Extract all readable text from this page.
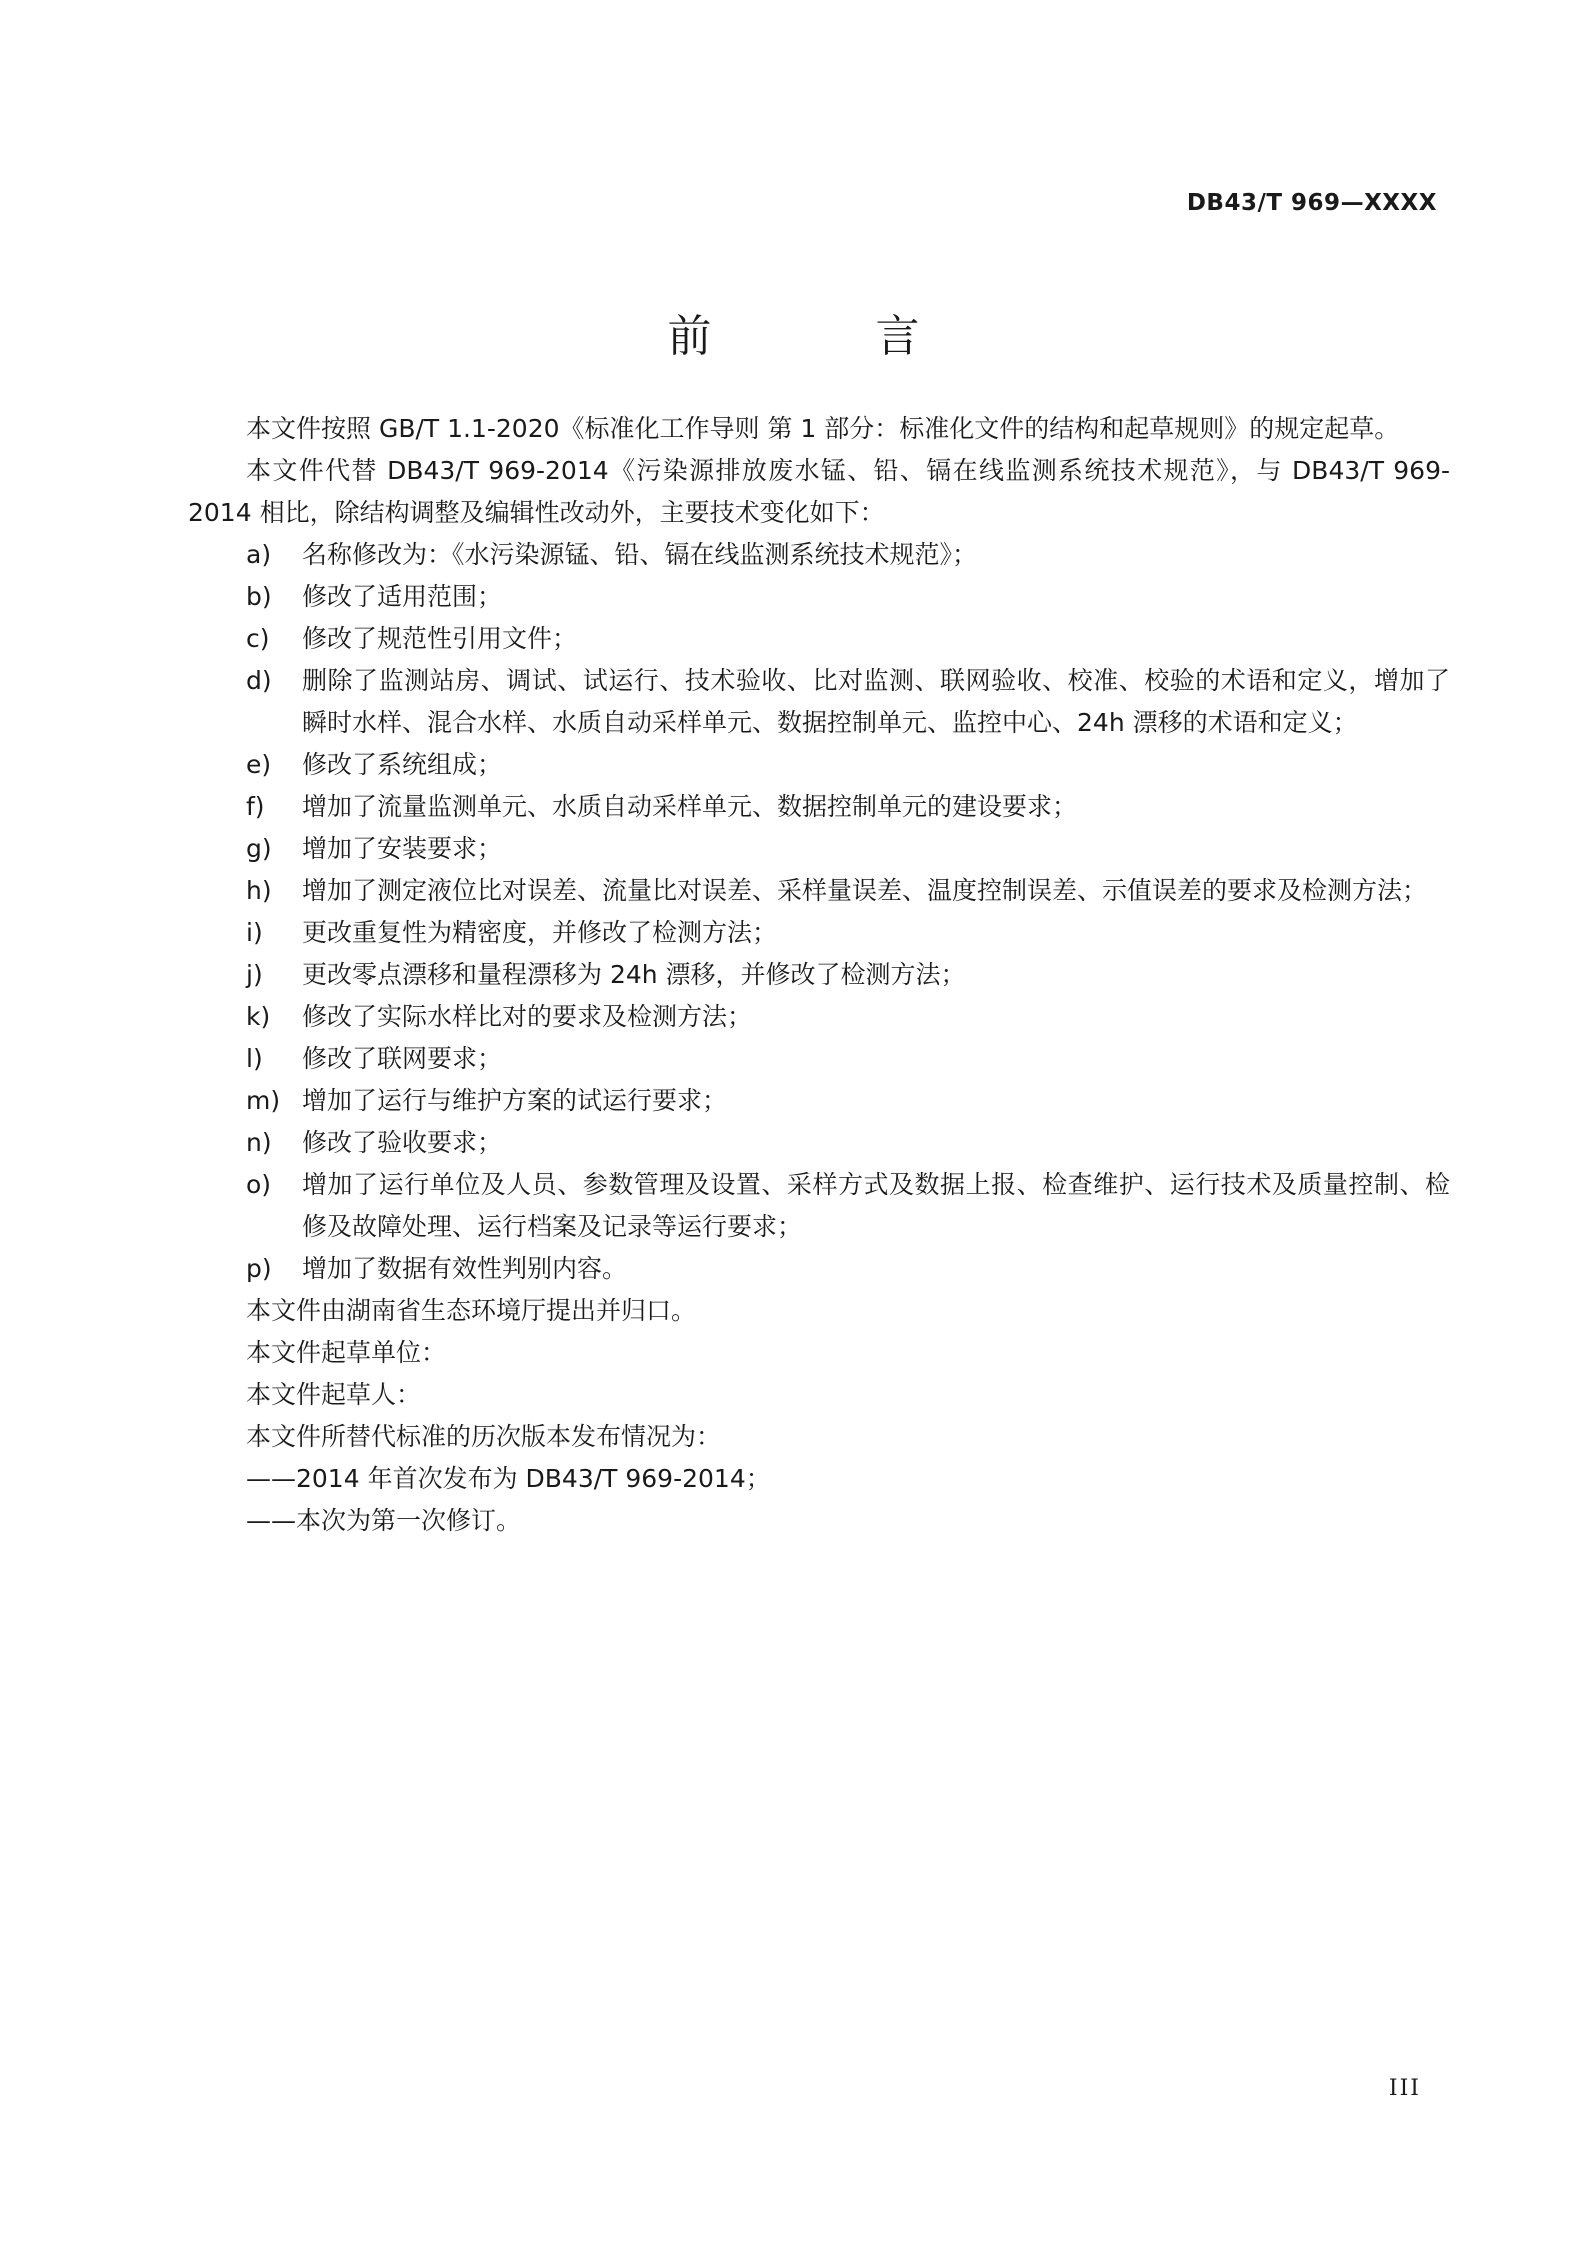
DB43/T 969—XXXX
前　言

本文件按照 GB/T 1.1-2020《标准化工作导则 第 1 部分：标准化文件的结构和起草规则》的规定起草。

本文件代替 DB43/T 969-2014《污染源排放废水锰、铅、镉在线监测系统技术规范》，与 DB43/T 969-2014 相比，除结构调整及编辑性改动外，主要技术变化如下：

a) 名称修改为：《水污染源锰、铅、镉在线监测系统技术规范》；
b) 修改了适用范围；
c) 修改了规范性引用文件；
d) 删除了监测站房、调试、试运行、技术验收、比对监测、联网验收、校准、校验的术语和定义，增加了瞬时水样、混合水样、水质自动采样单元、数据控制单元、监控中心、24h 漂移的术语和定义；
e) 修改了系统组成；
f) 增加了流量监测单元、水质自动采样单元、数据控制单元的建设要求；
g) 增加了安装要求；
h) 增加了测定液位比对误差、流量比对误差、采样量误差、温度控制误差、示值误差的要求及检测方法；
i) 更改重复性为精密度，并修改了检测方法；
j) 更改零点漂移和量程漂移为 24h 漂移，并修改了检测方法；
k) 修改了实际水样比对的要求及检测方法；
l) 修改了联网要求；
m) 增加了运行与维护方案的试运行要求；
n) 修改了验收要求；
o) 增加了运行单位及人员、参数管理及设置、采样方式及数据上报、检查维护、运行技术及质量控制、检修及故障处理、运行档案及记录等运行要求；
p) 增加了数据有效性判别内容。

本文件由湖南省生态环境厅提出并归口。

本文件起草单位：

本文件起草人：

本文件所替代标准的历次版本发布情况为：

——2014 年首次发布为 DB43/T 969-2014；

——本次为第一次修订。

III
